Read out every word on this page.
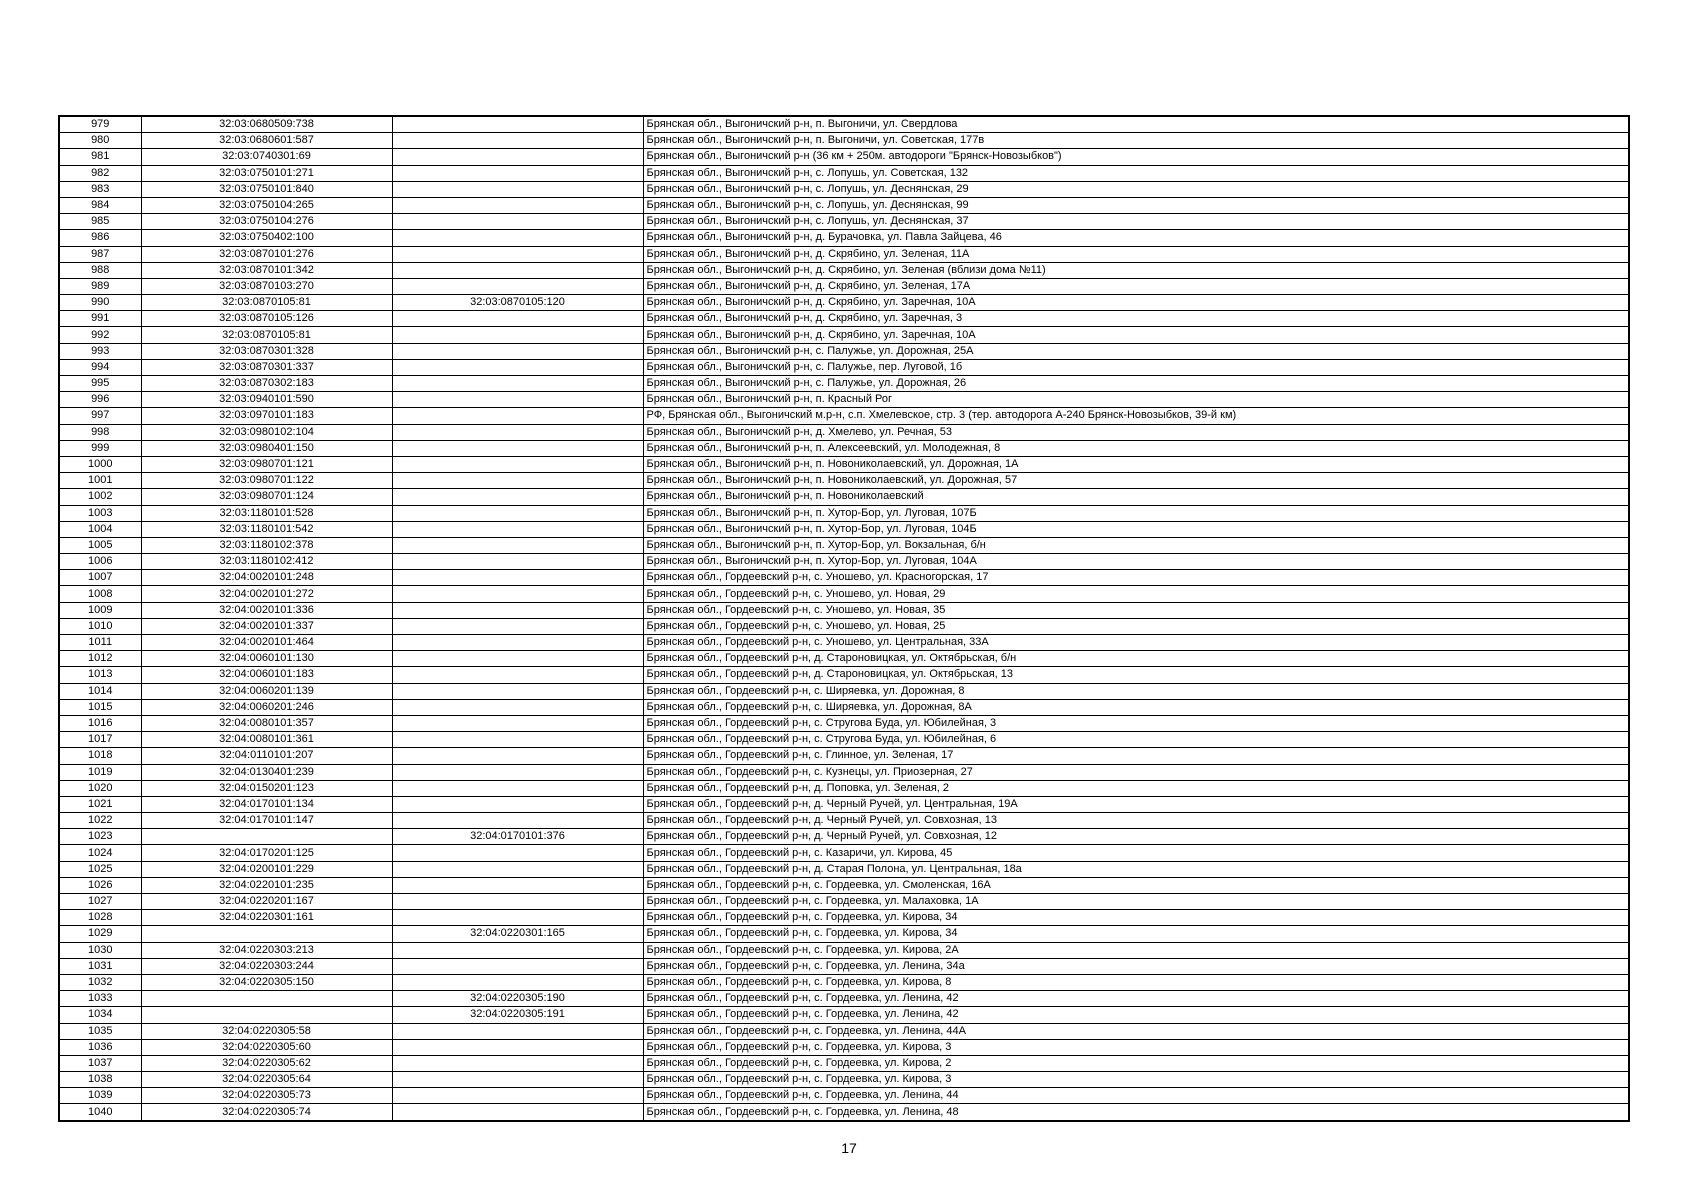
979	32:03:0680509:738		Брянская обл., Выгоничский р-н, п. Выгоничи, ул. Свердлова
980	32:03:0680601:587		Брянская обл., Выгоничский р-н, п. Выгоничи, ул. Советская, 177в
981	32:03:0740301:69		Брянская обл., Выгоничский р-н (36 км + 250м. автодороги "Брянск-Новозыбков")
982	32:03:0750101:271		Брянская обл., Выгоничский р-н, с. Лопушь, ул. Советская, 132
983	32:03:0750101:840		Брянская обл., Выгоничский р-н, с. Лопушь, ул. Деснянская, 29
984	32:03:0750104:265		Брянская обл., Выгоничский р-н, с. Лопушь, ул. Деснянская, 99
985	32:03:0750104:276		Брянская обл., Выгоничский р-н, с. Лопушь, ул. Деснянская, 37
986	32:03:0750402:100		Брянская обл., Выгоничский р-н, д. Бурачовка, ул. Павла Зайцева, 46
987	32:03:0870101:276		Брянская обл., Выгоничский р-н, д. Скрябино, ул. Зеленая, 11А
988	32:03:0870101:342		Брянская обл., Выгоничский р-н, д. Скрябино, ул. Зеленая (вблизи дома №11)
989	32:03:0870103:270		Брянская обл., Выгоничский р-н, д. Скрябино, ул. Зеленая, 17А
990	32:03:0870105:81	32:03:0870105:120	Брянская обл., Выгоничский р-н, д. Скрябино, ул. Заречная, 10А
991	32:03:0870105:126		Брянская обл., Выгоничский р-н, д. Скрябино, ул. Заречная, 3
992	32:03:0870105:81		Брянская обл., Выгоничский р-н, д. Скрябино, ул. Заречная, 10А
993	32:03:0870301:328		Брянская обл., Выгоничский р-н, с. Палужье, ул. Дорожная, 25А
994	32:03:0870301:337		Брянская обл., Выгоничский р-н, с. Палужье, пер. Луговой, 1б
995	32:03:0870302:183		Брянская обл., Выгоничский р-н, с. Палужье, ул. Дорожная, 26
996	32:03:0940101:590		Брянская обл., Выгоничский р-н, п. Красный Рог
997	32:03:0970101:183		РФ, Брянская обл., Выгоничский м.р-н, с.п. Хмелевское, стр. 3 (тер. автодорога А-240 Брянск-Новозыбков, 39-й км)
998	32:03:0980102:104		Брянская обл., Выгоничский р-н, д. Хмелево, ул. Речная, 53
999	32:03:0980401:150		Брянская обл., Выгоничский р-н, п. Алексеевский, ул. Молодежная, 8
1000	32:03:0980701:121		Брянская обл., Выгоничский р-н, п. Новониколаевский, ул. Дорожная, 1А
1001	32:03:0980701:122		Брянская обл., Выгоничский р-н, п. Новониколаевский, ул. Дорожная, 57
1002	32:03:0980701:124		Брянская обл., Выгоничский р-н, п. Новониколаевский
1003	32:03:1180101:528		Брянская обл., Выгоничский р-н, п. Хутор-Бор, ул. Луговая, 107Б
1004	32:03:1180101:542		Брянская обл., Выгоничский р-н, п. Хутор-Бор, ул. Луговая, 104Б
1005	32:03:1180102:378		Брянская обл., Выгоничский р-н, п. Хутор-Бор, ул. Вокзальная, б/н
1006	32:03:1180102:412		Брянская обл., Выгоничский р-н, п. Хутор-Бор, ул. Луговая, 104А
1007	32:04:0020101:248		Брянская обл., Гордеевский р-н, с. Уношево, ул. Красногорская, 17
1008	32:04:0020101:272		Брянская обл., Гордеевский р-н, с. Уношево, ул. Новая, 29
1009	32:04:0020101:336		Брянская обл., Гордеевский р-н, с. Уношево, ул. Новая, 35
1010	32:04:0020101:337		Брянская обл., Гордеевский р-н, с. Уношево, ул. Новая, 25
1011	32:04:0020101:464		Брянская обл., Гордеевский р-н, с. Уношево, ул. Центральная, 33А
1012	32:04:0060101:130		Брянская обл., Гордеевский р-н, д. Староновицкая, ул. Октябрьская, б/н
1013	32:04:0060101:183		Брянская обл., Гордеевский р-н, д. Староновицкая, ул. Октябрьская, 13
1014	32:04:0060201:139		Брянская обл., Гордеевский р-н, с. Ширяевка, ул. Дорожная, 8
1015	32:04:0060201:246		Брянская обл., Гордеевский р-н, с. Ширяевка, ул. Дорожная, 8А
1016	32:04:0080101:357		Брянская обл., Гордеевский р-н, с. Стругова Буда, ул. Юбилейная, 3
1017	32:04:0080101:361		Брянская обл., Гордеевский р-н, с. Стругова Буда, ул. Юбилейная, 6
1018	32:04:0110101:207		Брянская обл., Гордеевский р-н, с. Глинное, ул. Зеленая, 17
1019	32:04:0130401:239		Брянская обл., Гордеевский р-н, с. Кузнецы, ул. Приозерная, 27
1020	32:04:0150201:123		Брянская обл., Гордеевский р-н, д. Поповка, ул. Зеленая, 2
1021	32:04:0170101:134		Брянская обл., Гордеевский р-н, д. Черный Ручей, ул. Центральная, 19А
1022	32:04:0170101:147		Брянская обл., Гордеевский р-н, д. Черный Ручей, ул. Совхозная, 13
1023		32:04:0170101:376	Брянская обл., Гордеевский р-н, д. Черный Ручей, ул. Совхозная, 12
1024	32:04:0170201:125		Брянская обл., Гордеевский р-н, с. Казаричи, ул. Кирова, 45
1025	32:04:0200101:229		Брянская обл., Гордеевский р-н, д. Старая Полона, ул. Центральная, 18а
1026	32:04:0220101:235		Брянская обл., Гордеевский р-н, с. Гордеевка, ул. Смоленская, 16А
1027	32:04:0220201:167		Брянская обл., Гордеевский р-н, с. Гордеевка, ул. Малаховка, 1А
1028	32:04:0220301:161		Брянская обл., Гордеевский р-н, с. Гордеевка, ул. Кирова, 34
1029		32:04:0220301:165	Брянская обл., Гордеевский р-н, с. Гордеевка, ул. Кирова, 34
1030	32:04:0220303:213		Брянская обл., Гордеевский р-н, с. Гордеевка, ул. Кирова, 2А
1031	32:04:0220303:244		Брянская обл., Гордеевский р-н, с. Гордеевка, ул. Ленина, 34а
1032	32:04:0220305:150		Брянская обл., Гордеевский р-н, с. Гордеевка, ул. Кирова, 8
1033		32:04:0220305:190	Брянская обл., Гордеевский р-н, с. Гордеевка, ул. Ленина, 42
1034		32:04:0220305:191	Брянская обл., Гордеевский р-н, с. Гордеевка, ул. Ленина, 42
1035	32:04:0220305:58		Брянская обл., Гордеевский р-н, с. Гордеевка, ул. Ленина, 44А
1036	32:04:0220305:60		Брянская обл., Гордеевский р-н, с. Гордеевка, ул. Кирова, 3
1037	32:04:0220305:62		Брянская обл., Гордеевский р-н, с. Гордеевка, ул. Кирова, 2
1038	32:04:0220305:64		Брянская обл., Гордеевский р-н, с. Гордеевка, ул. Кирова, 3
1039	32:04:0220305:73		Брянская обл., Гордеевский р-н, с. Гордеевка, ул. Ленина, 44
1040	32:04:0220305:74		Брянская обл., Гордеевский р-н, с. Гордеевка, ул. Ленина, 48
17
